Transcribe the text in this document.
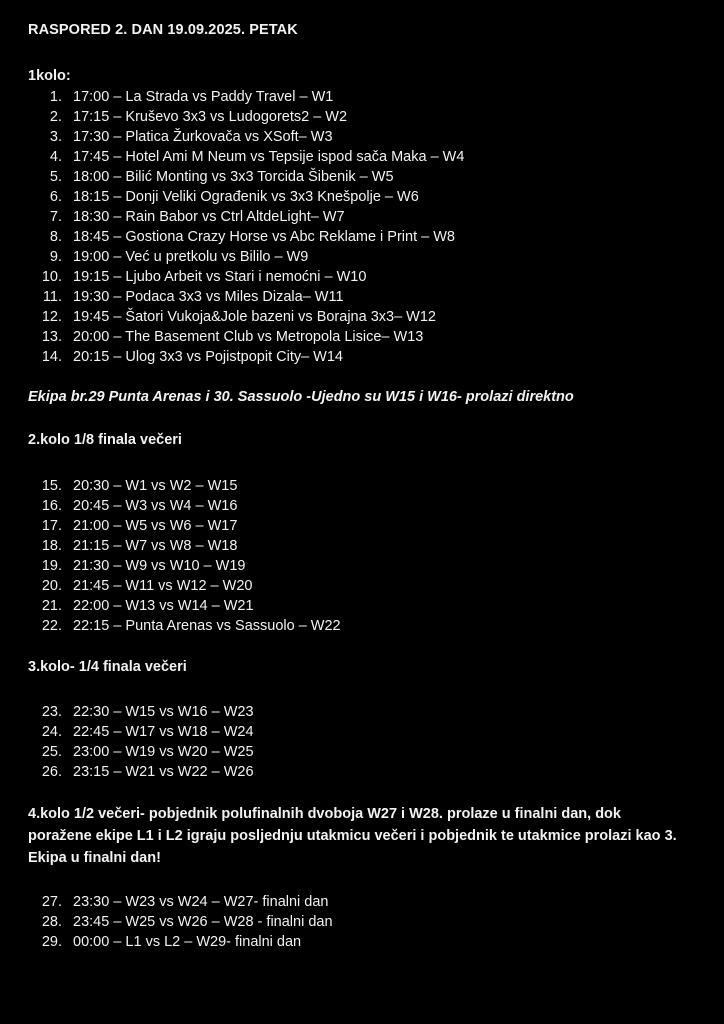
RASPORED 2. DAN 19.09.2025. PETAK
1kolo:
1. 17:00 – La Strada vs Paddy Travel – W1
2. 17:15 – Kruševo 3x3 vs Ludogorets2 – W2
3. 17:30 – Platica Žurkovača vs XSoft– W3
4. 17:45 – Hotel Ami M Neum vs Tepsije ispod sača Maka – W4
5. 18:00 – Bilić Monting vs 3x3 Torcida Šibenik – W5
6. 18:15 – Donji Veliki Ograđenik vs 3x3 Knešpolje – W6
7. 18:30 – Rain Babor vs Ctrl AltdeLight– W7
8. 18:45 – Gostiona Crazy Horse vs Abc Reklame i Print – W8
9. 19:00 – Već u pretkolu vs Bililo – W9
10. 19:15 – Ljubo Arbeit vs Stari i nemoćni – W10
11. 19:30 – Podaca 3x3 vs Miles Dizala– W11
12. 19:45 – Šatori Vukoja&Jole bazeni vs Borajna 3x3– W12
13. 20:00 – The Basement Club vs Metropola Lisice– W13
14. 20:15 – Ulog 3x3 vs Pojistpopit City– W14
Ekipa br.29 Punta Arenas i 30. Sassuolo -Ujedno su W15 i W16- prolazi direktno
2.kolo 1/8 finala večeri
15. 20:30 – W1 vs W2 – W15
16. 20:45 – W3 vs W4 – W16
17. 21:00 – W5 vs W6 – W17
18. 21:15 – W7 vs W8 – W18
19. 21:30 – W9 vs W10 – W19
20. 21:45 – W11 vs W12 – W20
21. 22:00 – W13 vs W14 – W21
22. 22:15 – Punta Arenas vs Sassuolo – W22
3.kolo- 1/4 finala večeri
23. 22:30 – W15 vs W16 – W23
24. 22:45 – W17 vs W18 – W24
25. 23:00 – W19 vs W20 – W25
26. 23:15 – W21 vs W22 – W26
4.kolo 1/2 večeri- pobjednik polufinalnih dvoboja W27 i W28. prolaze u finalni dan, dok
poražene ekipe L1 i L2 igraju posljednju utakmicu večeri i pobjednik te utakmice prolazi kao 3.
Ekipa u finalni dan!
27. 23:30 – W23 vs W24 – W27- finalni dan
28. 23:45 – W25 vs W26 – W28 - finalni dan
29. 00:00 – L1 vs L2 – W29- finalni dan
